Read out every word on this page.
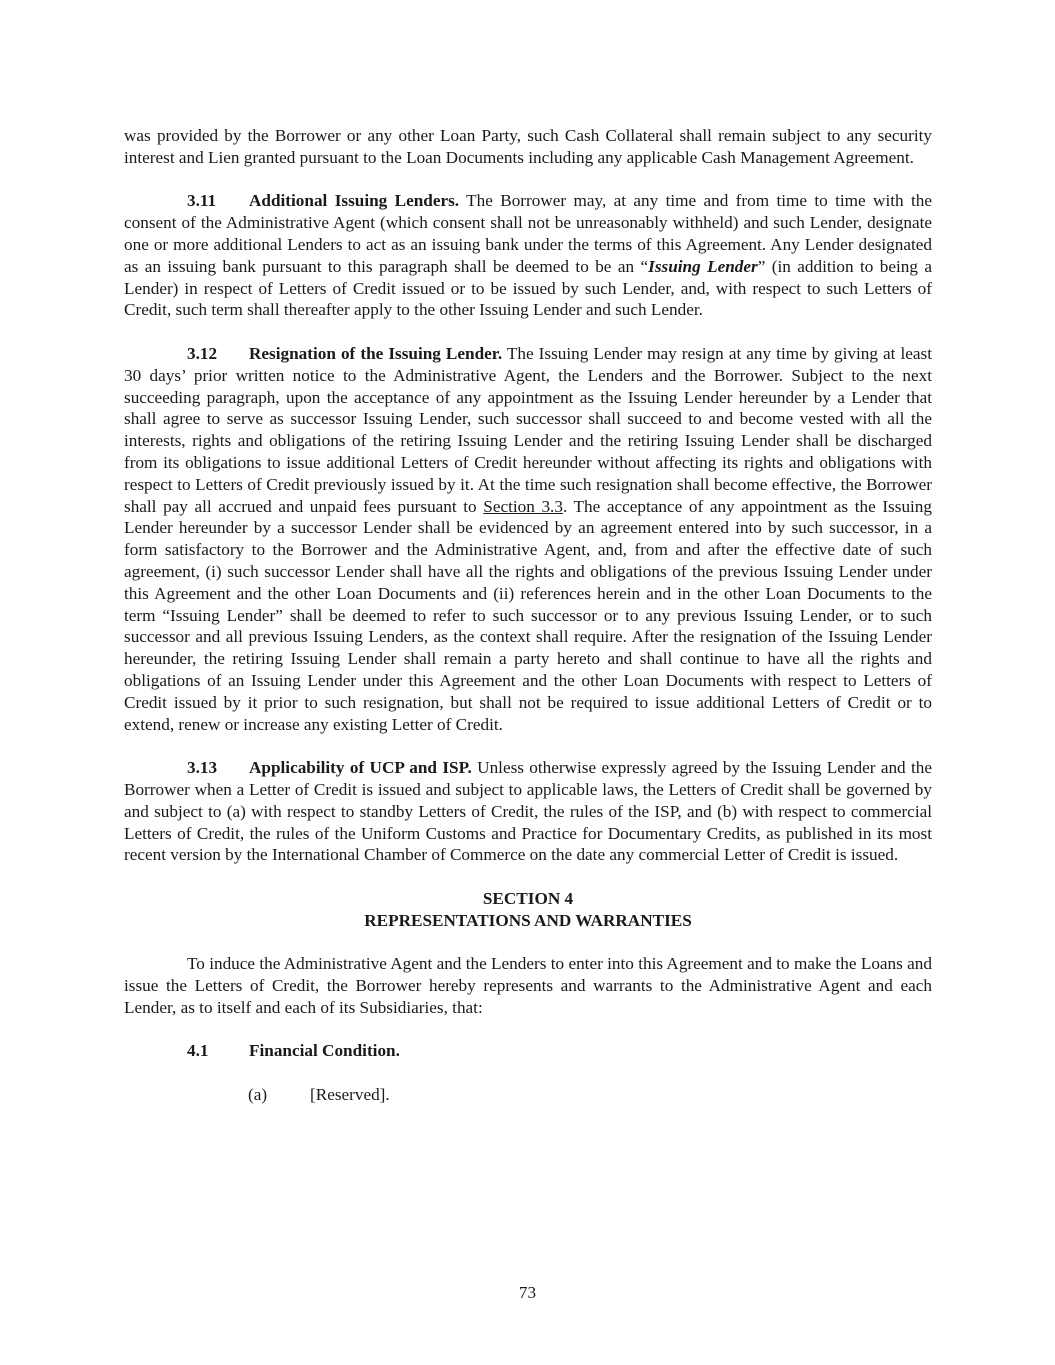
was provided by the Borrower or any other Loan Party, such Cash Collateral shall remain subject to any security interest and Lien granted pursuant to the Loan Documents including any applicable Cash Management Agreement.

3.11 Additional Issuing Lenders. The Borrower may, at any time and from time to time with the consent of the Administrative Agent (which consent shall not be unreasonably withheld) and such Lender, designate one or more additional Lenders to act as an issuing bank under the terms of this Agreement. Any Lender designated as an issuing bank pursuant to this paragraph shall be deemed to be an “Issuing Lender” (in addition to being a Lender) in respect of Letters of Credit issued or to be issued by such Lender, and, with respect to such Letters of Credit, such term shall thereafter apply to the other Issuing Lender and such Lender.

3.12 Resignation of the Issuing Lender. The Issuing Lender may resign at any time by giving at least 30 days’ prior written notice to the Administrative Agent, the Lenders and the Borrower. Subject to the next succeeding paragraph, upon the acceptance of any appointment as the Issuing Lender hereunder by a Lender that shall agree to serve as successor Issuing Lender, such successor shall succeed to and become vested with all the interests, rights and obligations of the retiring Issuing Lender and the retiring Issuing Lender shall be discharged from its obligations to issue additional Letters of Credit hereunder without affecting its rights and obligations with respect to Letters of Credit previously issued by it. At the time such resignation shall become effective, the Borrower shall pay all accrued and unpaid fees pursuant to Section 3.3. The acceptance of any appointment as the Issuing Lender hereunder by a successor Lender shall be evidenced by an agreement entered into by such successor, in a form satisfactory to the Borrower and the Administrative Agent, and, from and after the effective date of such agreement, (i) such successor Lender shall have all the rights and obligations of the previous Issuing Lender under this Agreement and the other Loan Documents and (ii) references herein and in the other Loan Documents to the term “Issuing Lender” shall be deemed to refer to such successor or to any previous Issuing Lender, or to such successor and all previous Issuing Lenders, as the context shall require. After the resignation of the Issuing Lender hereunder, the retiring Issuing Lender shall remain a party hereto and shall continue to have all the rights and obligations of an Issuing Lender under this Agreement and the other Loan Documents with respect to Letters of Credit issued by it prior to such resignation, but shall not be required to issue additional Letters of Credit or to extend, renew or increase any existing Letter of Credit.

3.13 Applicability of UCP and ISP. Unless otherwise expressly agreed by the Issuing Lender and the Borrower when a Letter of Credit is issued and subject to applicable laws, the Letters of Credit shall be governed by and subject to (a) with respect to standby Letters of Credit, the rules of the ISP, and (b) with respect to commercial Letters of Credit, the rules of the Uniform Customs and Practice for Documentary Credits, as published in its most recent version by the International Chamber of Commerce on the date any commercial Letter of Credit is issued.

SECTION 4

REPRESENTATIONS AND WARRANTIES

To induce the Administrative Agent and the Lenders to enter into this Agreement and to make the Loans and issue the Letters of Credit, the Borrower hereby represents and warrants to the Administrative Agent and each Lender, as to itself and each of its Subsidiaries, that:

4.1 Financial Condition.

(a) [Reserved].

73
